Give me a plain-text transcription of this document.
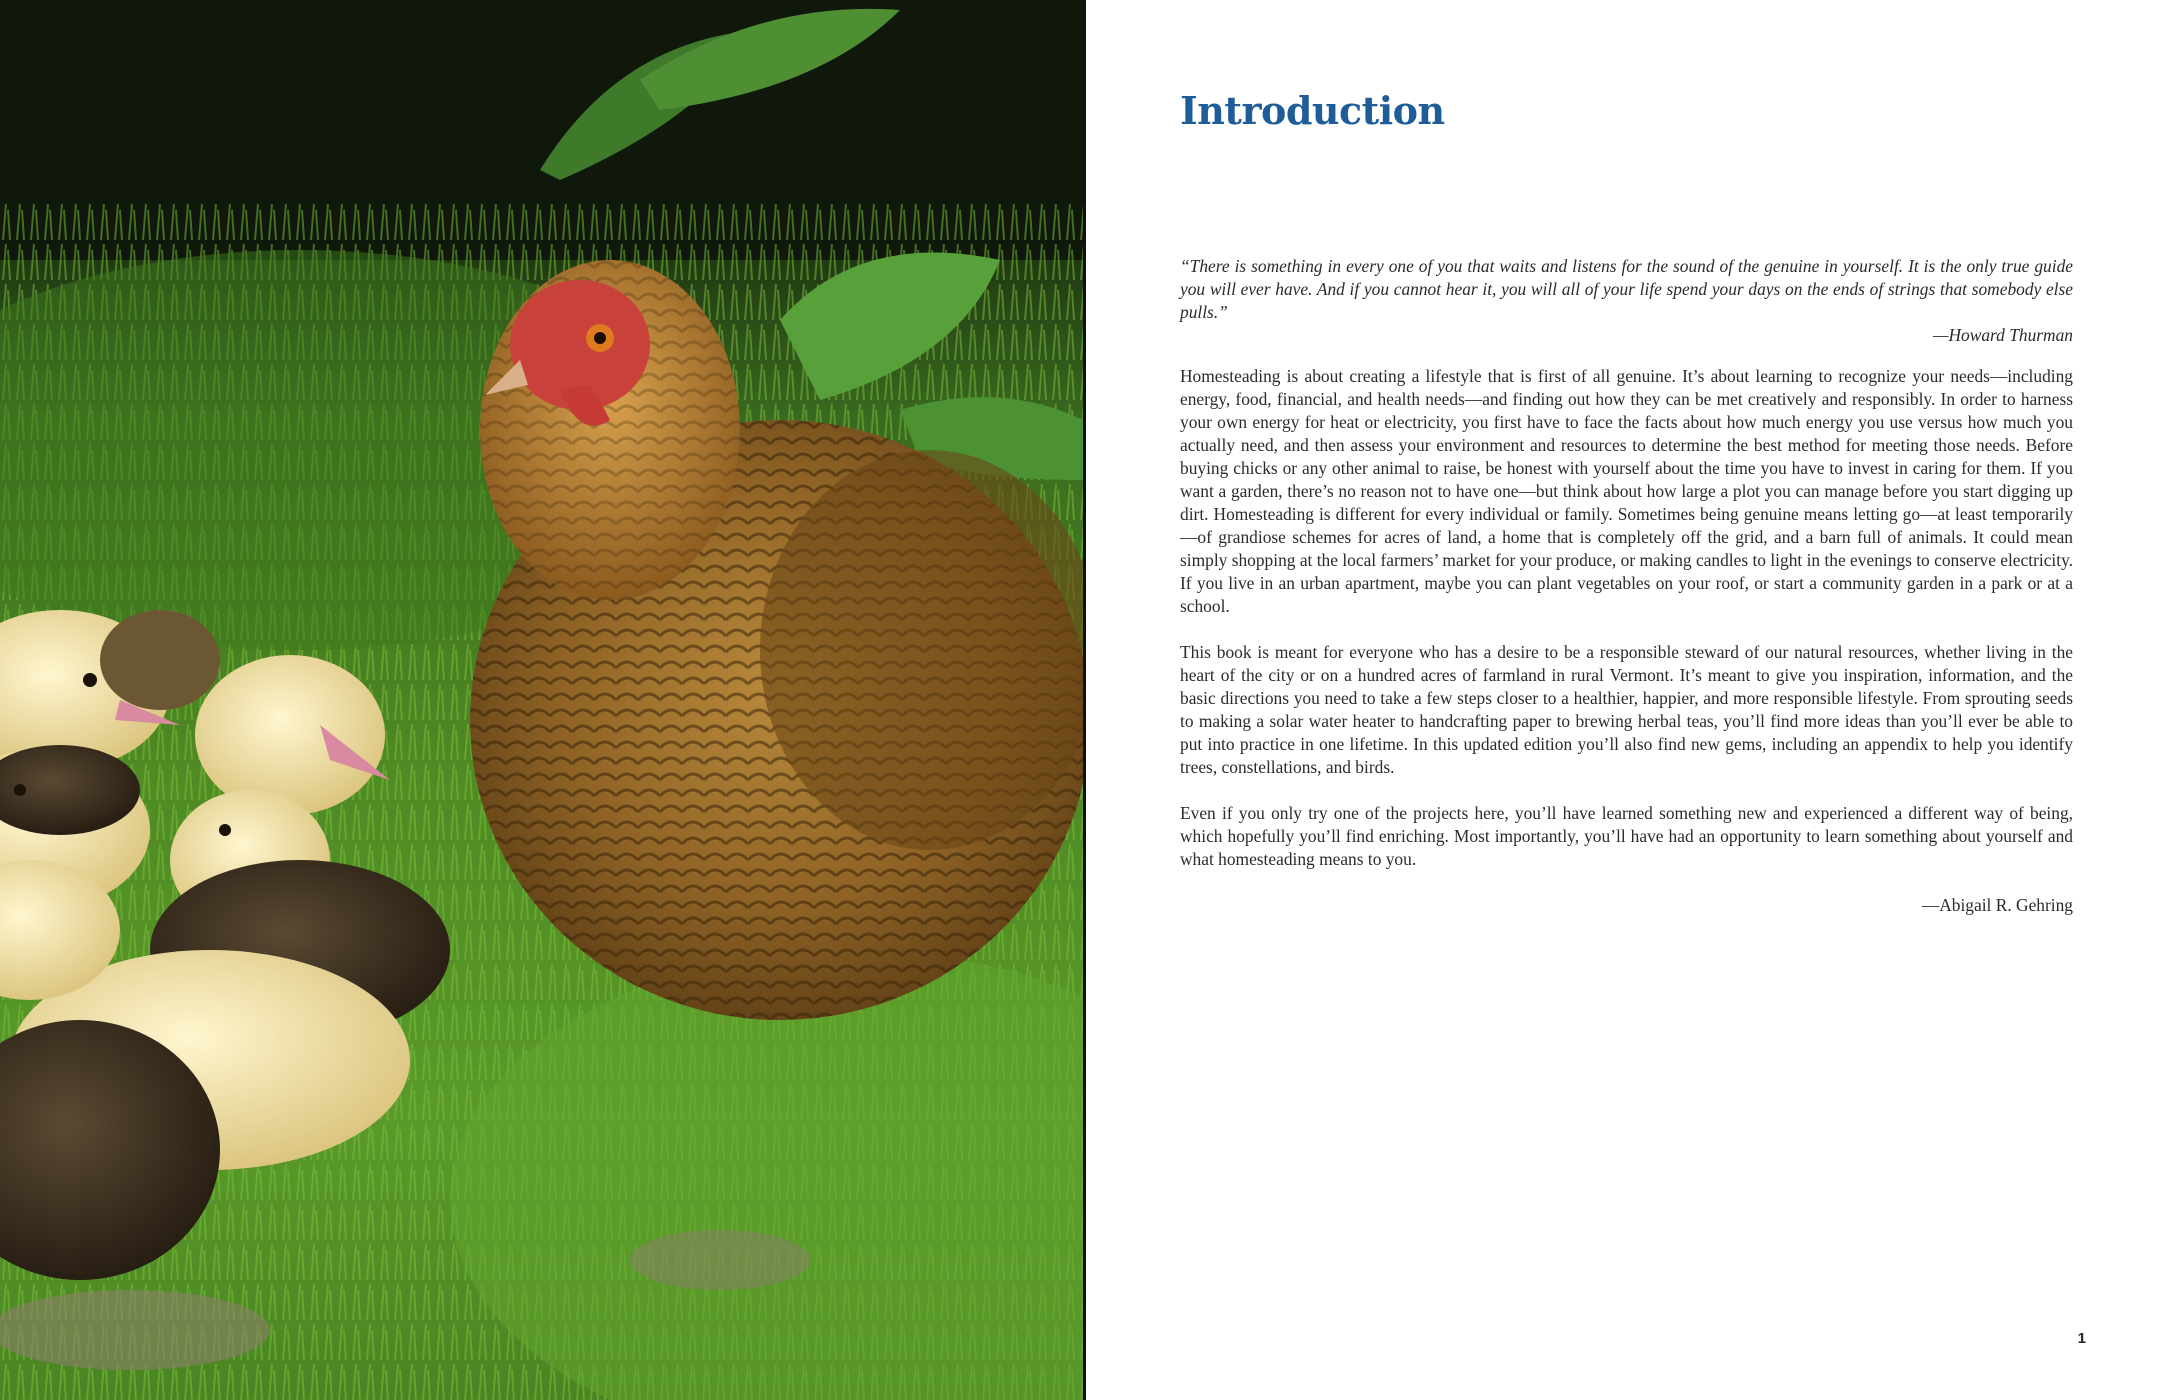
Introduction

“There is something in every one of you that waits and listens for the sound of the genuine in yourself. It is the only true guide you will ever have. And if you cannot hear it, you will all of your life spend your days on the ends of strings that somebody else pulls.”

—Howard Thurman

Homesteading is about creating a lifestyle that is first of all genuine. It’s about learning to recognize your needs—including energy, food, financial, and health needs—and finding out how they can be met creatively and responsibly. In order to harness your own energy for heat or electricity, you first have to face the facts about how much energy you use versus how much you actually need, and then assess your environment and resources to determine the best method for meeting those needs. Before buying chicks or any other animal to raise, be honest with yourself about the time you have to invest in caring for them. If you want a garden, there’s no reason not to have one—but think about how large a plot you can manage before you start digging up dirt. Homesteading is different for every individual or family. Sometimes being genuine means letting go—at least temporarily—of grandiose schemes for acres of land, a home that is completely off the grid, and a barn full of animals. It could mean simply shopping at the local farmers’ market for your produce, or making candles to light in the evenings to conserve electricity. If you live in an urban apartment, maybe you can plant vegetables on your roof, or start a community garden in a park or at a school.

This book is meant for everyone who has a desire to be a responsible steward of our natural resources, whether living in the heart of the city or on a hundred acres of farmland in rural Vermont. It’s meant to give you inspiration, information, and the basic directions you need to take a few steps closer to a healthier, happier, and more responsible lifestyle. From sprouting seeds to making a solar water heater to handcrafting paper to brewing herbal teas, you’ll find more ideas than you’ll ever be able to put into practice in one lifetime. In this updated edition you’ll also find new gems, including an appendix to help you identify trees, constellations, and birds.

Even if you only try one of the projects here, you’ll have learned something new and experienced a different way of being, which hopefully you’ll find enriching. Most importantly, you’ll have had an opportunity to learn something about yourself and what homesteading means to you.

—Abigail R. Gehring

1
